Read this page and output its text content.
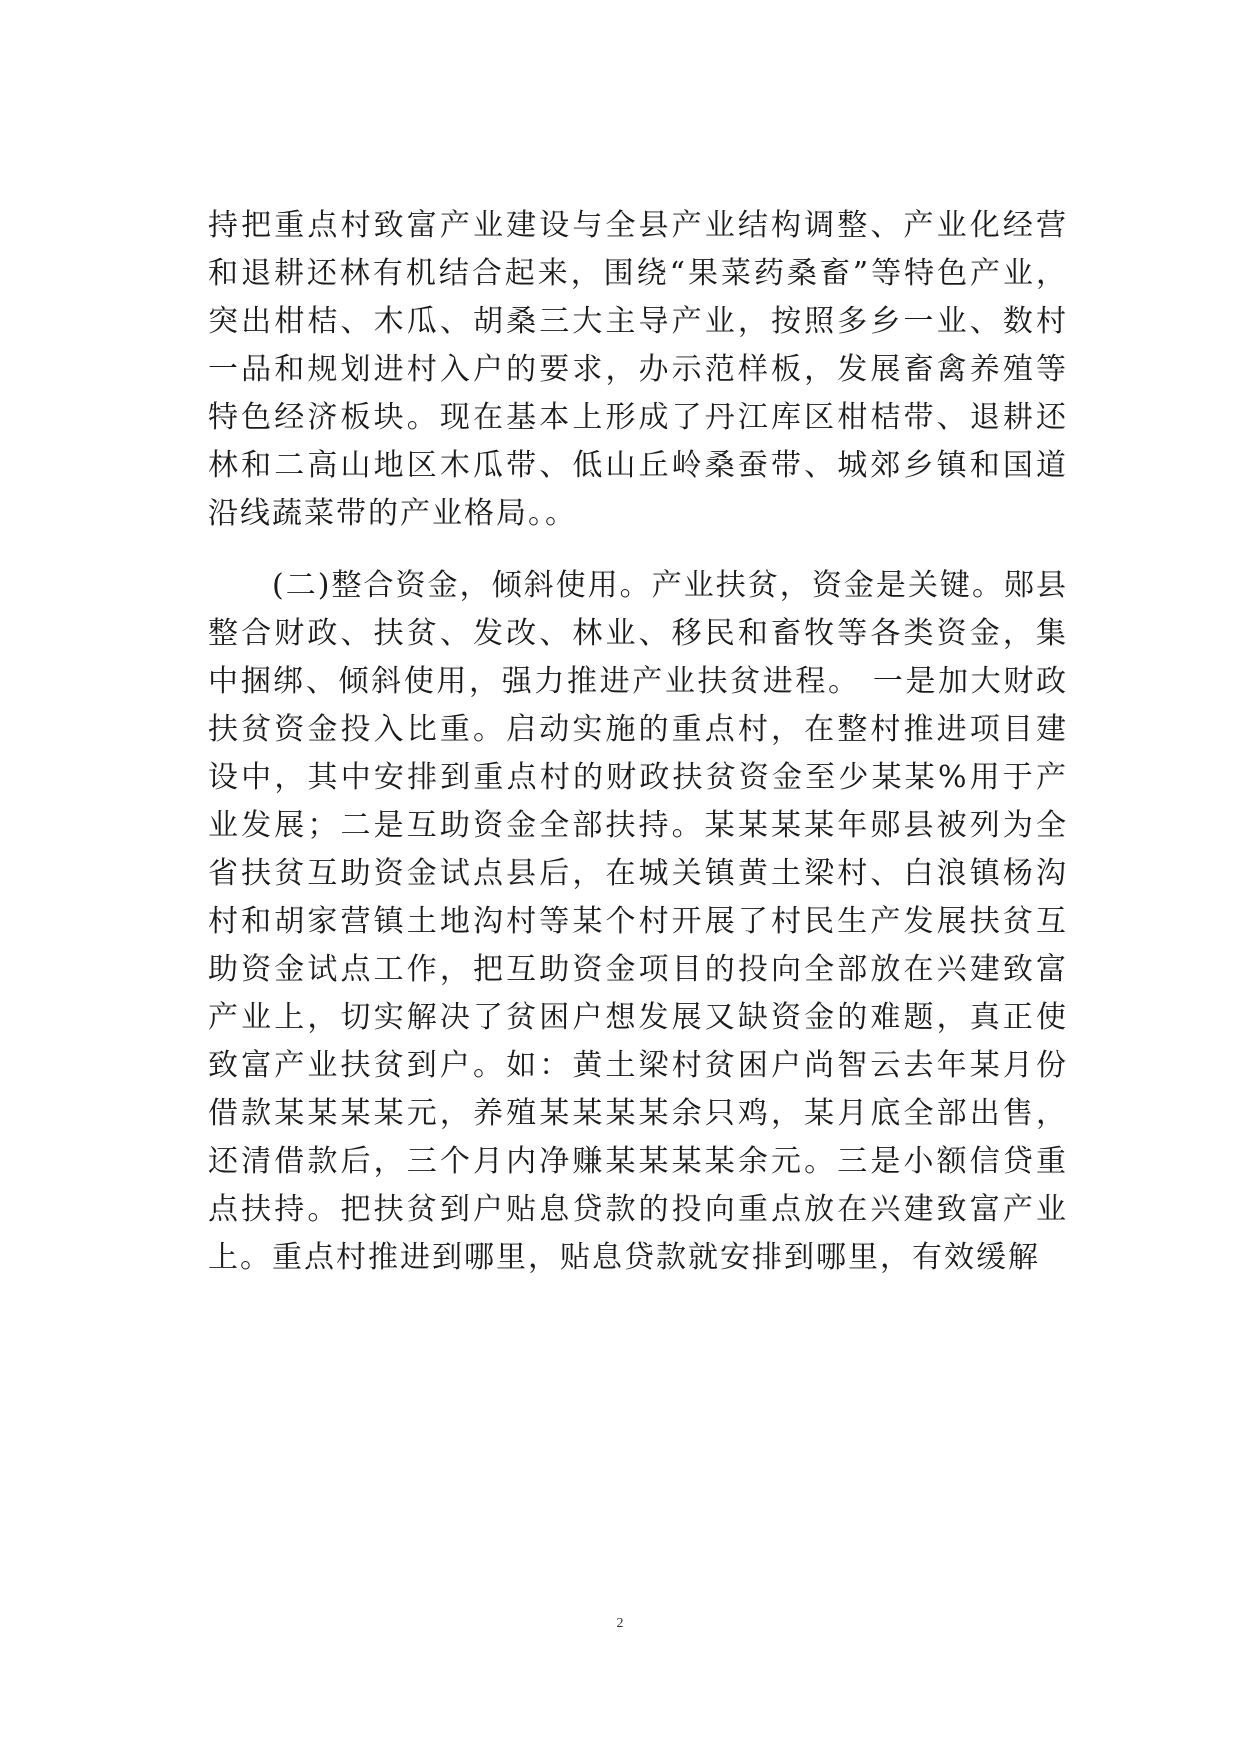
持把重点村致富产业建设与全县产业结构调整、产业化经营和退耕还林有机结合起来，围绕“果菜药桑畜”等特色产业，突出柑桔、木瓜、胡桑三大主导产业，按照多乡一业、数村一品和规划进村入户的要求，办示范样板，发展畜禽养殖等特色经济板块。现在基本上形成了丹江库区柑桔带、退耕还林和二高山地区木瓜带、低山丘岭桑蚕带、城郊乡镇和国道沿线蔬菜带的产业格局。。

(二)整合资金，倾斜使用。产业扶贫，资金是关键。郧县整合财政、扶贫、发改、林业、移民和畜牧等各类资金，集中捆绑、倾斜使用，强力推进产业扶贫进程。 一是加大财政扶贫资金投入比重。启动实施的重点村，在整村推进项目建设中，其中安排到重点村的财政扶贫资金至少某某%用于产业发展；二是互助资金全部扶持。某某某某年郧县被列为全省扶贫互助资金试点县后，在城关镇黄土梁村、白浪镇杨沟村和胡家营镇土地沟村等某个村开展了村民生产发展扶贫互助资金试点工作，把互助资金项目的投向全部放在兴建致富产业上，切实解决了贫困户想发展又缺资金的难题，真正使致富产业扶贫到户。如：黄土梁村贫困户尚智云去年某月份借款某某某某元，养殖某某某某余只鸡，某月底全部出售，还清借款后，三个月内净赚某某某某余元。三是小额信贷重点扶持。把扶贫到户贴息贷款的投向重点放在兴建致富产业上。重点村推进到哪里，贴息贷款就安排到哪里，有效缓解

2
